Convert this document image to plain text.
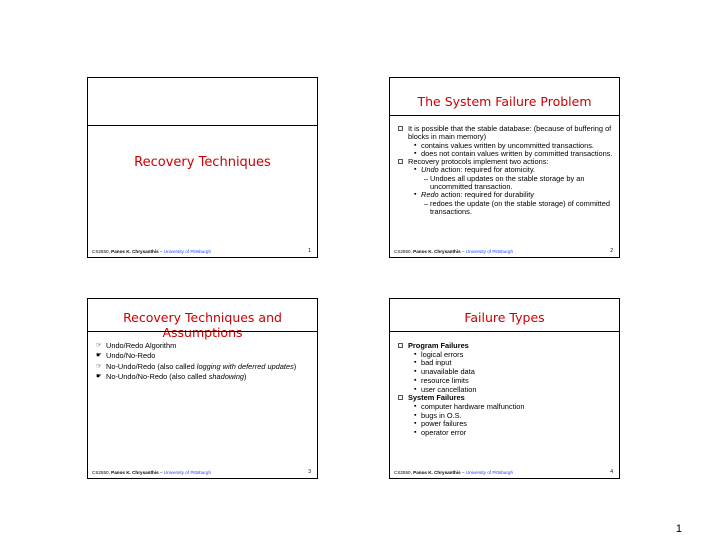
Recovery Techniques
CS2550, Panos K. Chrysanthis – University of Pittsburgh	1
The System Failure Problem
It is possible that the stable database: (because of buffering of blocks in main memory)
▪ contains values written by uncommitted transactions.
▪ does not contain values written by committed transactions.
Recovery protocols implement two actions:
▪ Undo action: required for atomicity.
– Undoes all updates on the stable storage by an uncommitted transaction.
▪ Redo action: required for durability
– redoes the update (on the stable storage) of committed transactions.
CS2550, Panos K. Chrysanthis – University of Pittsburgh	2
Recovery Techniques and Assumptions
☞ Undo/Redo Algorithm
☛ Undo/No-Redo
☞ No-Undo/Redo (also called logging with deferred updates)
☛ No-Undo/No-Redo (also called shadowing)
CS2550, Panos K. Chrysanthis – University of Pittsburgh	3
Failure Types
Program Failures
▪ logical errors
▪ bad input
▪ unavailable data
▪ resource limits
▪ user cancellation
System Failures
▪ computer hardware malfunction
▪ bugs in O.S.
▪ power failures
▪ operator error
CS2550, Panos K. Chrysanthis – University of Pittsburgh	4
1
